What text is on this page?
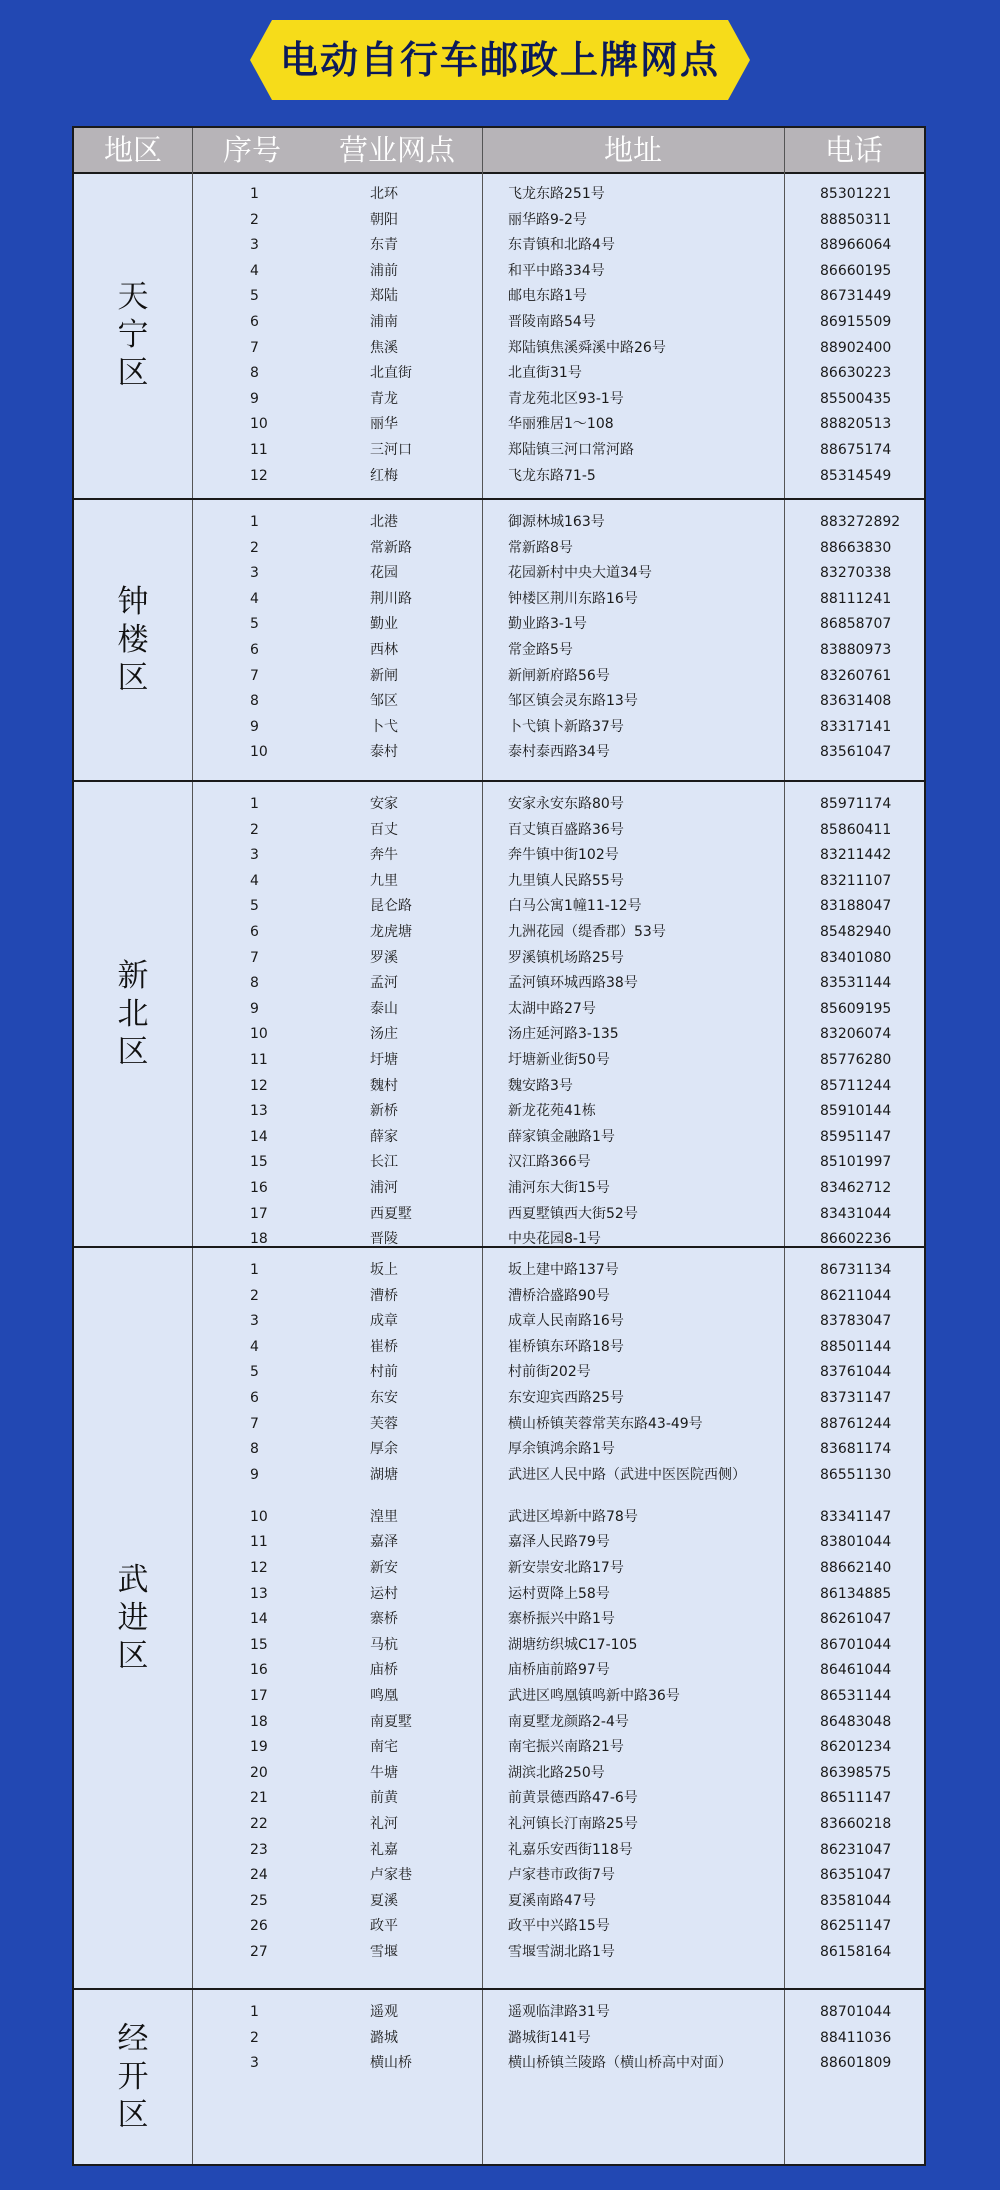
电动自行车邮政上牌网点
地区	序号	营业网点	地址	电话
天宁区
1	北环	飞龙东路251号	85301221
2	朝阳	丽华路9-2号	88850311
3	东青	东青镇和北路4号	88966064
4	浦前	和平中路334号	86660195
5	郑陆	邮电东路1号	86731449
6	浦南	晋陵南路54号	86915509
7	焦溪	郑陆镇焦溪舜溪中路26号	88902400
8	北直街	北直街31号	86630223
9	青龙	青龙苑北区93-1号	85500435
10	丽华	华丽雅居1～108	88820513
11	三河口	郑陆镇三河口常河路	88675174
12	红梅	飞龙东路71-5	85314549
钟楼区
1	北港	御源林城163号	883272892
2	常新路	常新路8号	88663830
3	花园	花园新村中央大道34号	83270338
4	荆川路	钟楼区荆川东路16号	88111241
5	勤业	勤业路3-1号	86858707
6	西林	常金路5号	83880973
7	新闸	新闸新府路56号	83260761
8	邹区	邹区镇会灵东路13号	83631408
9	卜弋	卜弋镇卜新路37号	83317141
10	泰村	泰村泰西路34号	83561047
新北区
1	安家	安家永安东路80号	85971174
2	百丈	百丈镇百盛路36号	85860411
3	奔牛	奔牛镇中街102号	83211442
4	九里	九里镇人民路55号	83211107
5	昆仑路	白马公寓1幢11-12号	83188047
6	龙虎塘	九洲花园（缇香郡）53号	85482940
7	罗溪	罗溪镇机场路25号	83401080
8	孟河	孟河镇环城西路38号	83531144
9	泰山	太湖中路27号	85609195
10	汤庄	汤庄延河路3-135	83206074
11	圩塘	圩塘新业街50号	85776280
12	魏村	魏安路3号	85711244
13	新桥	新龙花苑41栋	85910144
14	薛家	薛家镇金融路1号	85951147
15	长江	汉江路366号	85101997
16	浦河	浦河东大街15号	83462712
17	西夏墅	西夏墅镇西大街52号	83431044
18	晋陵	中央花园8-1号	86602236
武进区
1	坂上	坂上建中路137号	86731134
2	漕桥	漕桥洽盛路90号	86211044
3	成章	成章人民南路16号	83783047
4	崔桥	崔桥镇东环路18号	88501144
5	村前	村前街202号	83761044
6	东安	东安迎宾西路25号	83731147
7	芙蓉	横山桥镇芙蓉常芙东路43-49号	88761244
8	厚余	厚余镇鸿余路1号	83681174
9	湖塘	武进区人民中路（武进中医医院西侧）	86551130
10	湟里	武进区埠新中路78号	83341147
11	嘉泽	嘉泽人民路79号	83801044
12	新安	新安崇安北路17号	88662140
13	运村	运村贾降上58号	86134885
14	寨桥	寨桥振兴中路1号	86261047
15	马杭	湖塘纺织城C17-105	86701044
16	庙桥	庙桥庙前路97号	86461044
17	鸣凰	武进区鸣凰镇鸣新中路36号	86531144
18	南夏墅	南夏墅龙颜路2-4号	86483048
19	南宅	南宅振兴南路21号	86201234
20	牛塘	湖滨北路250号	86398575
21	前黄	前黄景德西路47-6号	86511147
22	礼河	礼河镇长汀南路25号	83660218
23	礼嘉	礼嘉乐安西街118号	86231047
24	卢家巷	卢家巷市政街7号	86351047
25	夏溪	夏溪南路47号	83581044
26	政平	政平中兴路15号	86251147
27	雪堰	雪堰雪湖北路1号	86158164
经开区
1	遥观	遥观临津路31号	88701044
2	潞城	潞城街141号	88411036
3	横山桥	横山桥镇兰陵路（横山桥高中对面）	88601809
